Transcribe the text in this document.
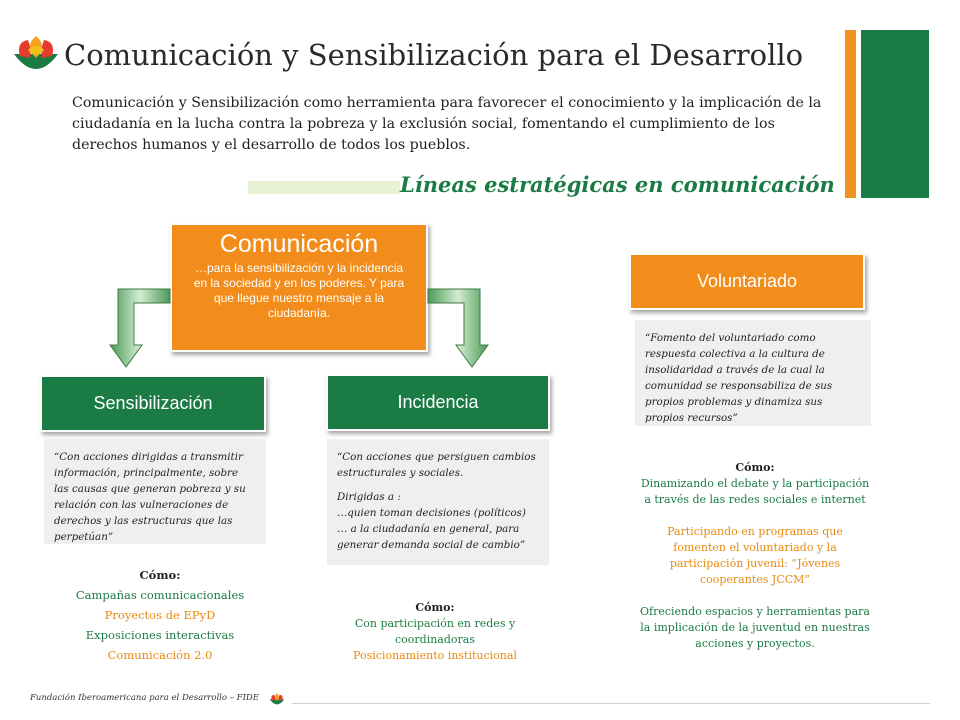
Comunicación y Sensibilización para el Desarrollo
Comunicación y Sensibilización como herramienta para favorecer el conocimiento y la implicación de la ciudadanía en la lucha contra la pobreza y la exclusión social, fomentando el cumplimiento de los derechos humanos y el desarrollo de todos los pueblos.
Líneas estratégicas en comunicación
Comunicación
…para la sensibilización y la incidencia en la sociedad y en los poderes. Y para que llegue nuestro mensaje a la ciudadanía.
Sensibilización
“Con acciones dirigidas a transmitir información, principalmente, sobre las causas que generan pobreza y su relación con las vulneraciones de derechos y las estructuras que las perpetúan”
Cómo:
Campañas comunicacionales
Proyectos de EPyD
Exposiciones interactivas
Comunicación 2.0
Incidencia
“Con acciones que persiguen cambios estructurales y sociales.
Dirigidas a :
…quien toman decisiones (políticos) … a la ciudadanía en general, para generar demanda social de cambio”
Cómo:
Con participación en redes y coordinadoras
Posicionamiento institucional
Voluntariado
“Fomento del voluntariado como respuesta colectiva a la cultura de insolidaridad a través de la cual la comunidad se responsabiliza de sus propios problemas y dinamiza sus propios recursos”
Cómo:
Dinamizando el debate y la participación a través de las redes sociales e internet
Participando en programas que fomenten el voluntariado y la participación juvenil: “Jóvenes cooperantes JCCM”
Ofreciendo espacios y herramientas para la implicación de la juventud en nuestras acciones y proyectos.
Fundación Iberoamericana para el Desarrollo – FIDE
